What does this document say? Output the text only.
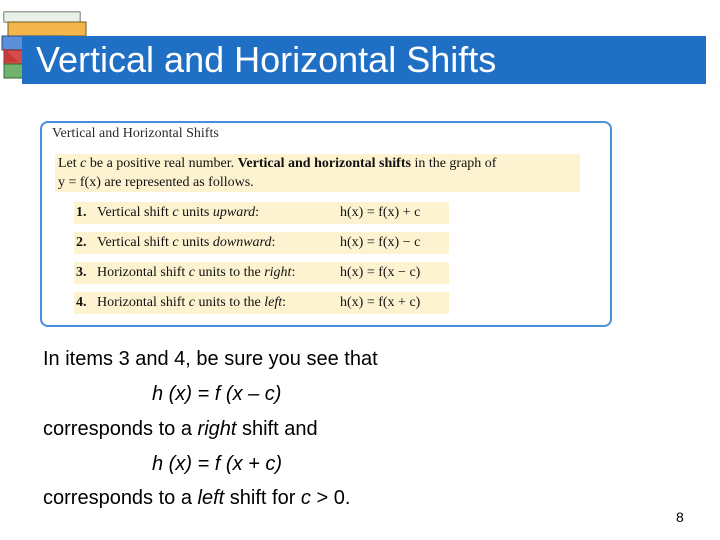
Vertical and Horizontal Shifts
Vertical and Horizontal Shifts
Let c be a positive real number. Vertical and horizontal shifts in the graph of
y = f(x) are represented as follows.
1. Vertical shift c units upward:	h(x) = f(x) + c
2. Vertical shift c units downward:	h(x) = f(x) − c
3. Horizontal shift c units to the right:	h(x) = f(x − c)
4. Horizontal shift c units to the left:	h(x) = f(x + c)
In items 3 and 4, be sure you see that
h (x) = f (x – c)
corresponds to a right shift and
h (x) = f (x + c)
corresponds to a left shift for c > 0.
8
